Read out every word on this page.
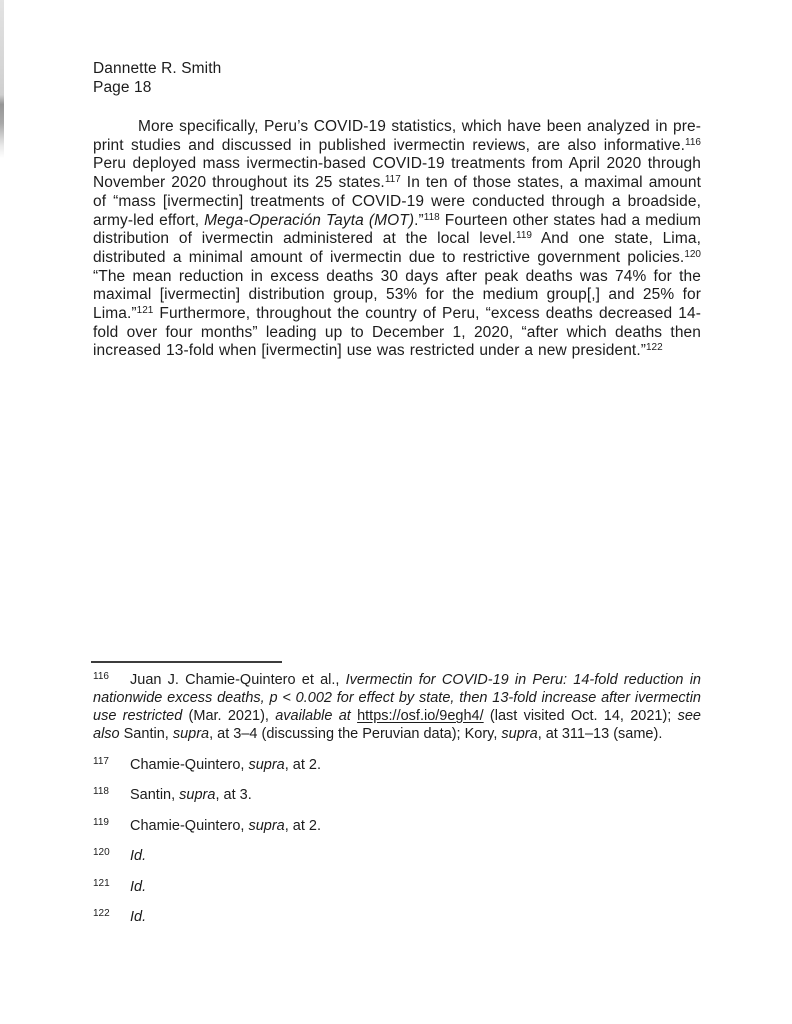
Dannette R. Smith
Page 18

More specifically, Peru’s COVID-19 statistics, which have been analyzed in pre-print studies and discussed in published ivermectin reviews, are also informative.$^{116}$ Peru deployed mass ivermectin-based COVID-19 treatments from April 2020 through November 2020 throughout its 25 states.$^{117}$ In ten of those states, a maximal amount of “mass [ivermectin] treatments of COVID-19 were conducted through a broadside, army-led effort, Mega-Operación Tayta (MOT).”$^{118}$ Fourteen other states had a medium distribution of ivermectin administered at the local level.$^{119}$ And one state, Lima, distributed a minimal amount of ivermectin due to restrictive government policies.$^{120}$ “The mean reduction in excess deaths 30 days after peak deaths was 74% for the maximal [ivermectin] distribution group, 53% for the medium group[,] and 25% for Lima.”$^{121}$ Furthermore, throughout the country of Peru, “excess deaths decreased 14-fold over four months” leading up to December 1, 2020, “after which deaths then increased 13-fold when [ivermectin] use was restricted under a new president.”$^{122}$

$^{116}$ Juan J. Chamie-Quintero et al., Ivermectin for COVID-19 in Peru: 14-fold reduction in nationwide excess deaths, p < 0.002 for effect by state, then 13-fold increase after ivermectin use restricted (Mar. 2021), available at https://osf.io/9egh4/ (last visited Oct. 14, 2021); see also Santin, supra, at 3–4 (discussing the Peruvian data); Kory, supra, at 311–13 (same).
$^{117}$ Chamie-Quintero, supra, at 2.
$^{118}$ Santin, supra, at 3.
$^{119}$ Chamie-Quintero, supra, at 2.
$^{120}$ Id.
$^{121}$ Id.
$^{122}$ Id.
